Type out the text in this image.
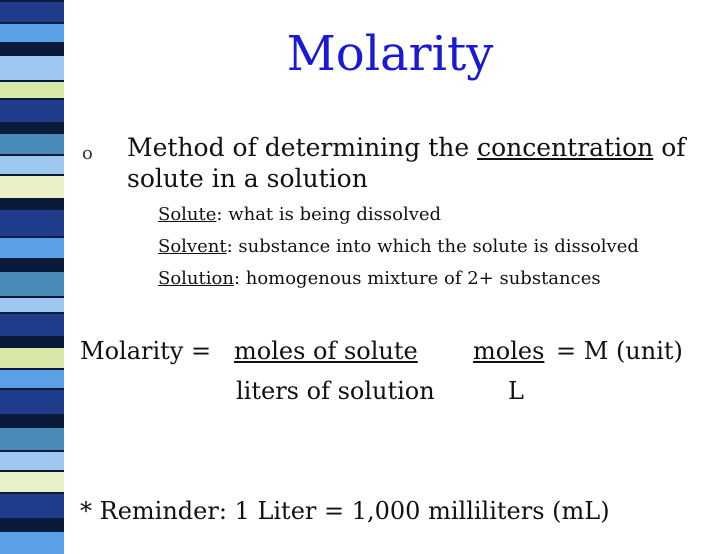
Molarity
o Method of determining the concentration of solute in a solution
Solute: what is being dissolved
Solvent: substance into which the solute is dissolved
Solution: homogenous mixture of 2+ substances
Molarity = moles of solute
liters of solution
moles = M (unit)
L
* Reminder: 1 Liter = 1,000 milliliters (mL)
